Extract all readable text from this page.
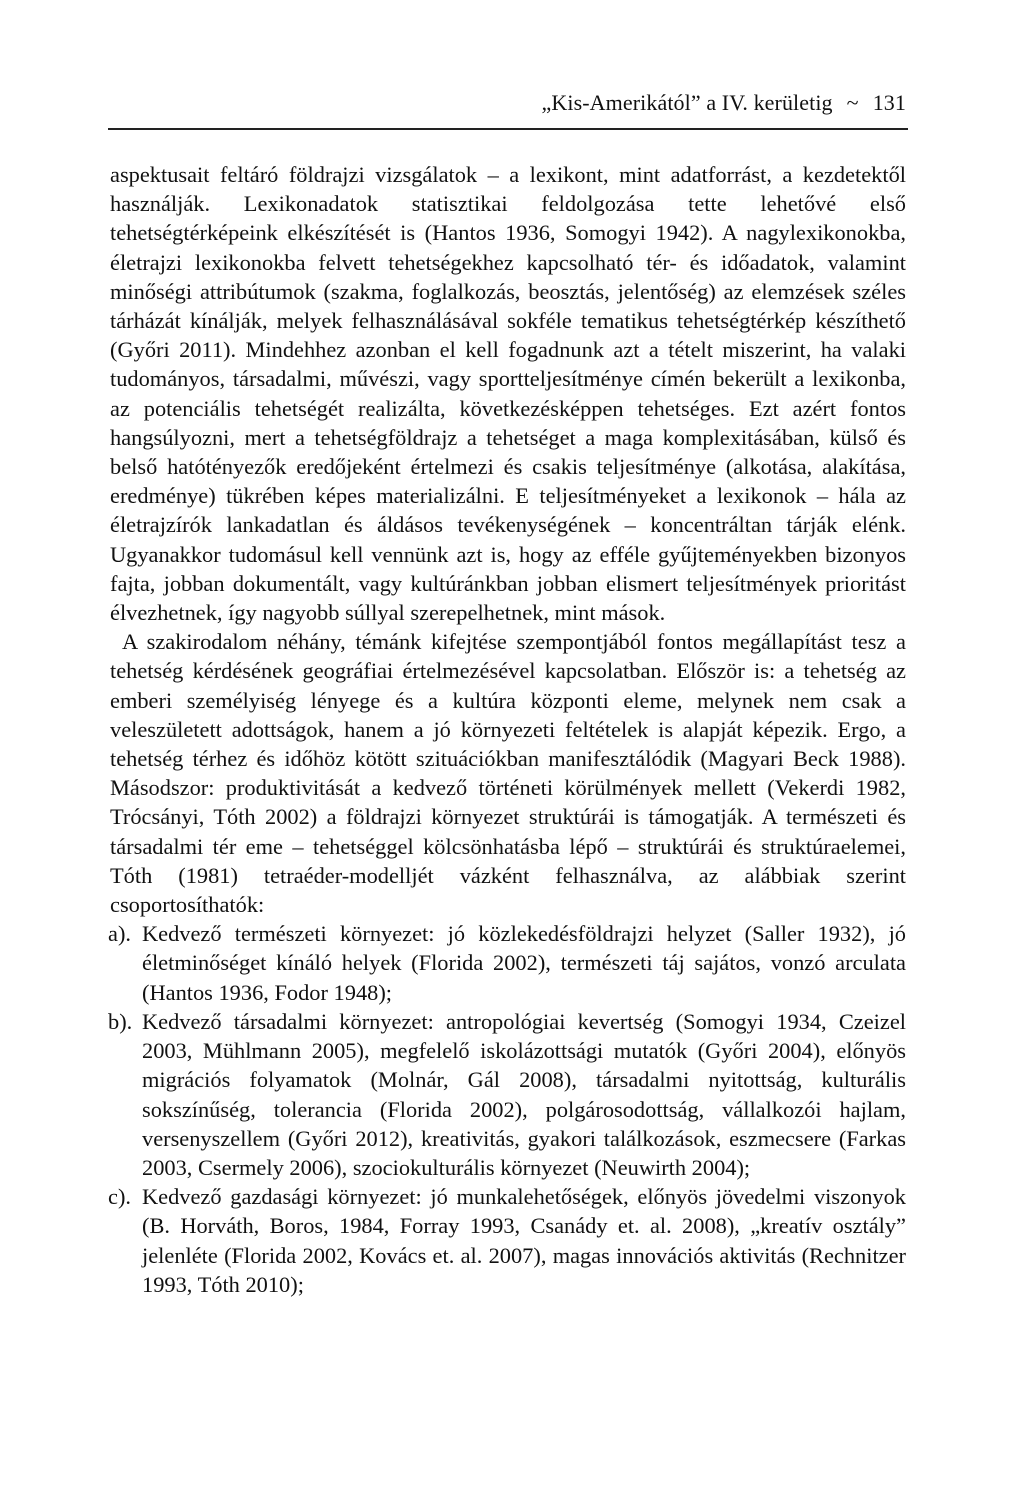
„Kis-Amerikától” a IV. kerületig ~ 131

aspektusait feltáró földrajzi vizsgálatok – a lexikont, mint adatforrást, a kezdetektől használják. Lexikonadatok statisztikai feldolgozása tette lehetővé első tehetségtérképeink elkészítését is (Hantos 1936, Somogyi 1942). A nagylexikonokba, életrajzi lexikonokba felvett tehetségekhez kapcsolható tér- és időadatok, valamint minőségi attribútumok (szakma, foglalkozás, beosztás, jelentőség) az elemzések széles tárházát kínálják, melyek felhasználásával sokféle tematikus tehetségtérkép készíthető (Győri 2011). Mindehhez azonban el kell fogadnunk azt a tételt miszerint, ha valaki tudományos, társadalmi, művészi, vagy sportteljesítménye címén bekerült a lexikonba, az potenciális tehetségét realizálta, következésképpen tehetséges. Ezt azért fontos hangsúlyozni, mert a tehetségföldrajz a tehetséget a maga komplexitásában, külső és belső hatótényezők eredőjeként értelmezi és csakis teljesítménye (alkotása, alakítása, eredménye) tükrében képes materializálni. E teljesítményeket a lexikonok – hála az életrajzírók lankadatlan és áldásos tevékenységének – koncentráltan tárják elénk. Ugyanakkor tudomásul kell vennünk azt is, hogy az efféle gyűjteményekben bizonyos fajta, jobban dokumentált, vagy kultúránkban jobban elismert teljesítmények prioritást élvezhetnek, így nagyobb súllyal szerepelhetnek, mint mások.

A szakirodalom néhány, témánk kifejtése szempontjából fontos megállapítást tesz a tehetség kérdésének geográfiai értelmezésével kapcsolatban. Először is: a tehetség az emberi személyiség lényege és a kultúra központi eleme, melynek nem csak a veleszületett adottságok, hanem a jó környezeti feltételek is alapját képezik. Ergo, a tehetség térhez és időhöz kötött szituációkban manifesztálódik (Magyari Beck 1988). Másodszor: produktivitását a kedvező történeti körülmények mellett (Vekerdi 1982, Trócsányi, Tóth 2002) a földrajzi környezet struktúrái is támogatják. A természeti és társadalmi tér eme – tehetséggel kölcsönhatásba lépő – struktúrái és struktúraelemei, Tóth (1981) tetraéder-modelljét vázként felhasználva, az alábbiak szerint csoportosíthatók:

a). Kedvező természeti környezet: jó közlekedésföldrajzi helyzet (Saller 1932), jó életminőséget kínáló helyek (Florida 2002), természeti táj sajátos, vonzó arculata (Hantos 1936, Fodor 1948);
b). Kedvező társadalmi környezet: antropológiai kevertség (Somogyi 1934, Czeizel 2003, Mühlmann 2005), megfelelő iskolázottsági mutatók (Győri 2004), előnyös migrációs folyamatok (Molnár, Gál 2008), társadalmi nyitottság, kulturális sokszínűség, tolerancia (Florida 2002), polgárosodottság, vállalkozói hajlam, versenyszellem (Győri 2012), kreativitás, gyakori találkozások, eszmecsere (Farkas 2003, Csermely 2006), szociokulturális környezet (Neuwirth 2004);
c). Kedvező gazdasági környezet: jó munkalehetőségek, előnyös jövedelmi viszonyok (B. Horváth, Boros, 1984, Forray 1993, Csanády et. al. 2008), „kreatív osztály” jelenléte (Florida 2002, Kovács et. al. 2007), magas innovációs aktivitás (Rechnitzer 1993, Tóth 2010);
